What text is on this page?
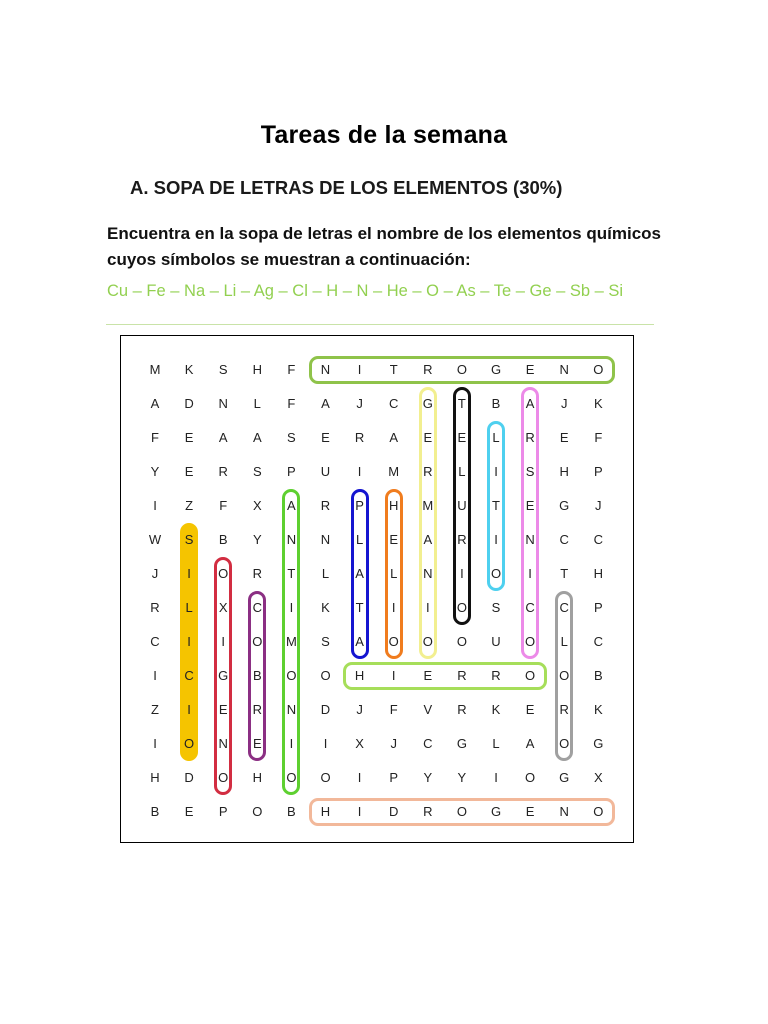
Tareas de la semana
A. SOPA DE LETRAS DE LOS ELEMENTOS (30%)
Encuentra en la sopa de letras el nombre de los elementos químicos cuyos símbolos se muestran a continuación:
Cu – Fe – Na – Li – Ag – Cl – H – N – He – O – As – Te – Ge – Sb – Si
M	K	S	H	F	N	I	T	R	O	G	E	N	O
A	D	N	L	F	A	J	C	G	T	B	A	J	K
F	E	A	A	S	E	R	A	E	E	L	R	E	F
Y	E	R	S	P	U	I	M	R	L	I	S	H	P
I	Z	F	X	A	R	P	H	M	U	T	E	G	J
W	S	B	Y	N	N	L	E	A	R	I	N	C	C
J	I	O	R	T	L	A	L	N	I	O	I	T	H
R	L	X	C	I	K	T	I	I	O	S	C	C	P
C	I	I	O	M	S	A	O	O	O	U	O	L	C
I	C	G	B	O	O	H	I	E	R	R	O	O	B
Z	I	E	R	N	D	J	F	V	R	K	E	R	K
I	O	N	E	I	I	X	J	C	G	L	A	O	G
H	D	O	H	O	O	I	P	Y	Y	I	O	G	X
B	E	P	O	B	H	I	D	R	O	G	E	N	O
